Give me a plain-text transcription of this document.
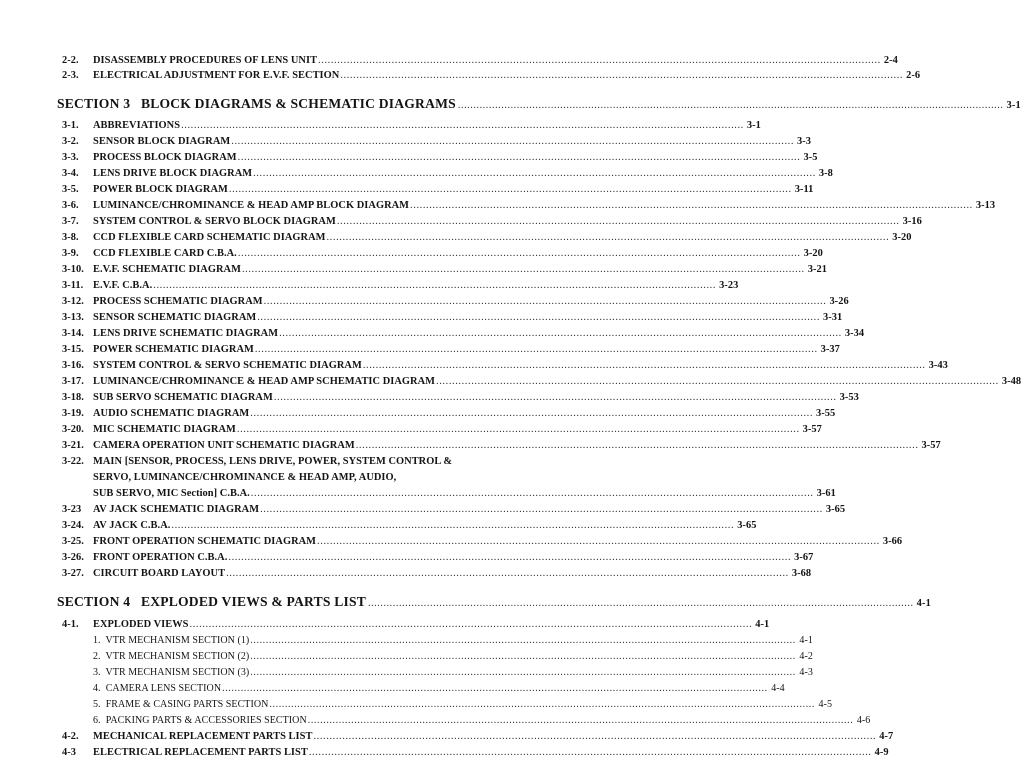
2-2.	DISASSEMBLY PROCEDURES OF LENS UNIT ................................................................................................................................................................................ 2-4
2-3.	ELECTRICAL ADJUSTMENT FOR E.V.F. SECTION ................................................................................................................................................................................ 2-6
SECTION 3   BLOCK DIAGRAMS & SCHEMATIC DIAGRAMS ................................................................................................................................................................................ 3-1
3-1.	ABBREVIATIONS ................................................................................................................................................................................ 3-1
3-2.	SENSOR BLOCK DIAGRAM ................................................................................................................................................................................ 3-3
3-3.	PROCESS BLOCK DIAGRAM ................................................................................................................................................................................ 3-5
3-4.	LENS DRIVE BLOCK DIAGRAM ................................................................................................................................................................................ 3-8
3-5.	POWER BLOCK DIAGRAM ................................................................................................................................................................................ 3-11
3-6.	LUMINANCE/CHROMINANCE & HEAD AMP BLOCK DIAGRAM ................................................................................................................................................................................ 3-13
3-7.	SYSTEM CONTROL & SERVO BLOCK DIAGRAM ................................................................................................................................................................................ 3-16
3-8.	CCD FLEXIBLE CARD SCHEMATIC DIAGRAM ................................................................................................................................................................................ 3-20
3-9.	CCD FLEXIBLE CARD C.B.A. ................................................................................................................................................................................ 3-20
3-10. E.V.F. SCHEMATIC DIAGRAM ................................................................................................................................................................................ 3-21
3-11. E.V.F. C.B.A. ................................................................................................................................................................................ 3-23
3-12. PROCESS SCHEMATIC DIAGRAM ................................................................................................................................................................................ 3-26
3-13. SENSOR SCHEMATIC DIAGRAM ................................................................................................................................................................................ 3-31
3-14. LENS DRIVE SCHEMATIC DIAGRAM ................................................................................................................................................................................ 3-34
3-15. POWER SCHEMATIC DIAGRAM ................................................................................................................................................................................ 3-37
3-16. SYSTEM CONTROL & SERVO SCHEMATIC DIAGRAM ................................................................................................................................................................................ 3-43
3-17. LUMINANCE/CHROMINANCE & HEAD AMP SCHEMATIC DIAGRAM ................................................................................................................................................................................ 3-48
3-18. SUB SERVO SCHEMATIC DIAGRAM ................................................................................................................................................................................ 3-53
3-19. AUDIO SCHEMATIC DIAGRAM ................................................................................................................................................................................ 3-55
3-20. MIC SCHEMATIC DIAGRAM ................................................................................................................................................................................ 3-57
3-21. CAMERA OPERATION UNIT SCHEMATIC DIAGRAM ................................................................................................................................................................................ 3-57
3-22. MAIN [SENSOR, PROCESS, LENS DRIVE, POWER, SYSTEM CONTROL &
SERVO, LUMINANCE/CHROMINANCE & HEAD AMP, AUDIO,
SUB SERVO, MIC Section] C.B.A. ................................................................................................................................................................................ 3-61
3-23	AV JACK SCHEMATIC DIAGRAM ................................................................................................................................................................................ 3-65
3-24. AV JACK C.B.A. ................................................................................................................................................................................ 3-65
3-25. FRONT OPERATION SCHEMATIC DIAGRAM ................................................................................................................................................................................ 3-66
3-26. FRONT OPERATION C.B.A. ................................................................................................................................................................................ 3-67
3-27. CIRCUIT BOARD LAYOUT ................................................................................................................................................................................ 3-68
SECTION 4   EXPLODED VIEWS & PARTS LIST ................................................................................................................................................................................ 4-1
4-1.	EXPLODED VIEWS ................................................................................................................................................................................ 4-1
1.  VTR MECHANISM SECTION (1) ................................................................................................................................................................................ 4-1
2.  VTR MECHANISM SECTION (2) ................................................................................................................................................................................ 4-2
3.  VTR MECHANISM SECTION (3) ................................................................................................................................................................................ 4-3
4.  CAMERA LENS SECTION ................................................................................................................................................................................ 4-4
5.  FRAME & CASING PARTS SECTION ................................................................................................................................................................................ 4-5
6.  PACKING PARTS & ACCESSORIES SECTION ................................................................................................................................................................................ 4-6
4-2.	MECHANICAL REPLACEMENT PARTS LIST ................................................................................................................................................................................ 4-7
4-3	ELECTRICAL REPLACEMENT PARTS LIST ................................................................................................................................................................................ 4-9
